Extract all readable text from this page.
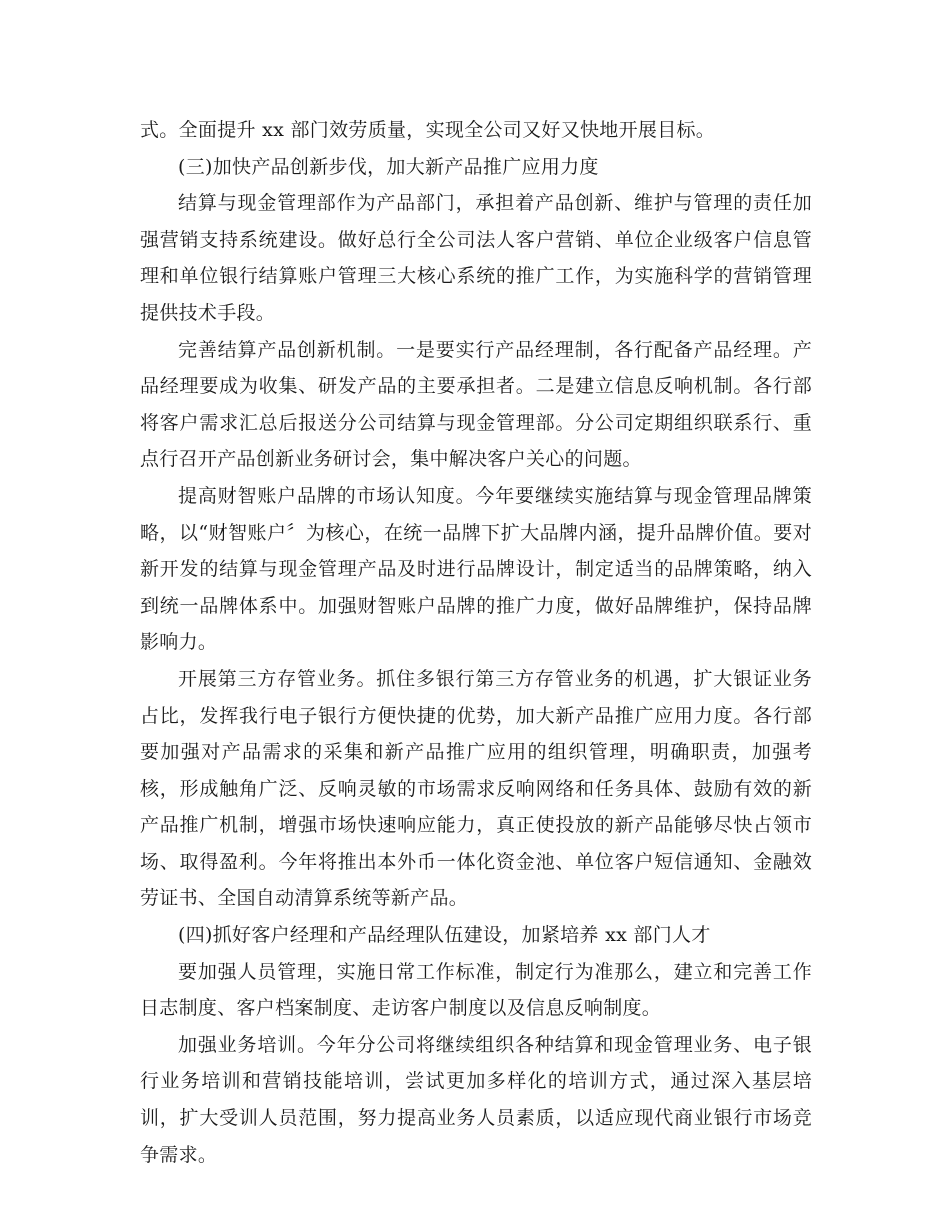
式。全面提升 xx 部门效劳质量，实现全公司又好又快地开展目标。

(三)加快产品创新步伐，加大新产品推广应用力度

结算与现金管理部作为产品部门，承担着产品创新、维护与管理的责任加强营销支持系统建设。做好总行全公司法人客户营销、单位企业级客户信息管理和单位银行结算账户管理三大核心系统的推广工作，为实施科学的营销管理提供技术手段。

完善结算产品创新机制。一是要实行产品经理制，各行配备产品经理。产品经理要成为收集、研发产品的主要承担者。二是建立信息反响机制。各行部将客户需求汇总后报送分公司结算与现金管理部。分公司定期组织联系行、重点行召开产品创新业务研讨会，集中解决客户关心的问题。

提高财智账户品牌的市场认知度。今年要继续实施结算与现金管理品牌策略，以“财智账户〞为核心，在统一品牌下扩大品牌内涵，提升品牌价值。要对新开发的结算与现金管理产品及时进行品牌设计，制定适当的品牌策略，纳入到统一品牌体系中。加强财智账户品牌的推广力度，做好品牌维护，保持品牌影响力。

开展第三方存管业务。抓住多银行第三方存管业务的机遇，扩大银证业务占比，发挥我行电子银行方便快捷的优势，加大新产品推广应用力度。各行部要加强对产品需求的采集和新产品推广应用的组织管理，明确职责，加强考核，形成触角广泛、反响灵敏的市场需求反响网络和任务具体、鼓励有效的新产品推广机制，增强市场快速响应能力，真正使投放的新产品能够尽快占领市场、取得盈利。今年将推出本外币一体化资金池、单位客户短信通知、金融效劳证书、全国自动清算系统等新产品。

(四)抓好客户经理和产品经理队伍建设，加紧培养 xx 部门人才

要加强人员管理，实施日常工作标准，制定行为准那么，建立和完善工作日志制度、客户档案制度、走访客户制度以及信息反响制度。

加强业务培训。今年分公司将继续组织各种结算和现金管理业务、电子银行业务培训和营销技能培训，尝试更加多样化的培训方式，通过深入基层培训，扩大受训人员范围，努力提高业务人员素质，以适应现代商业银行市场竞争需求。
